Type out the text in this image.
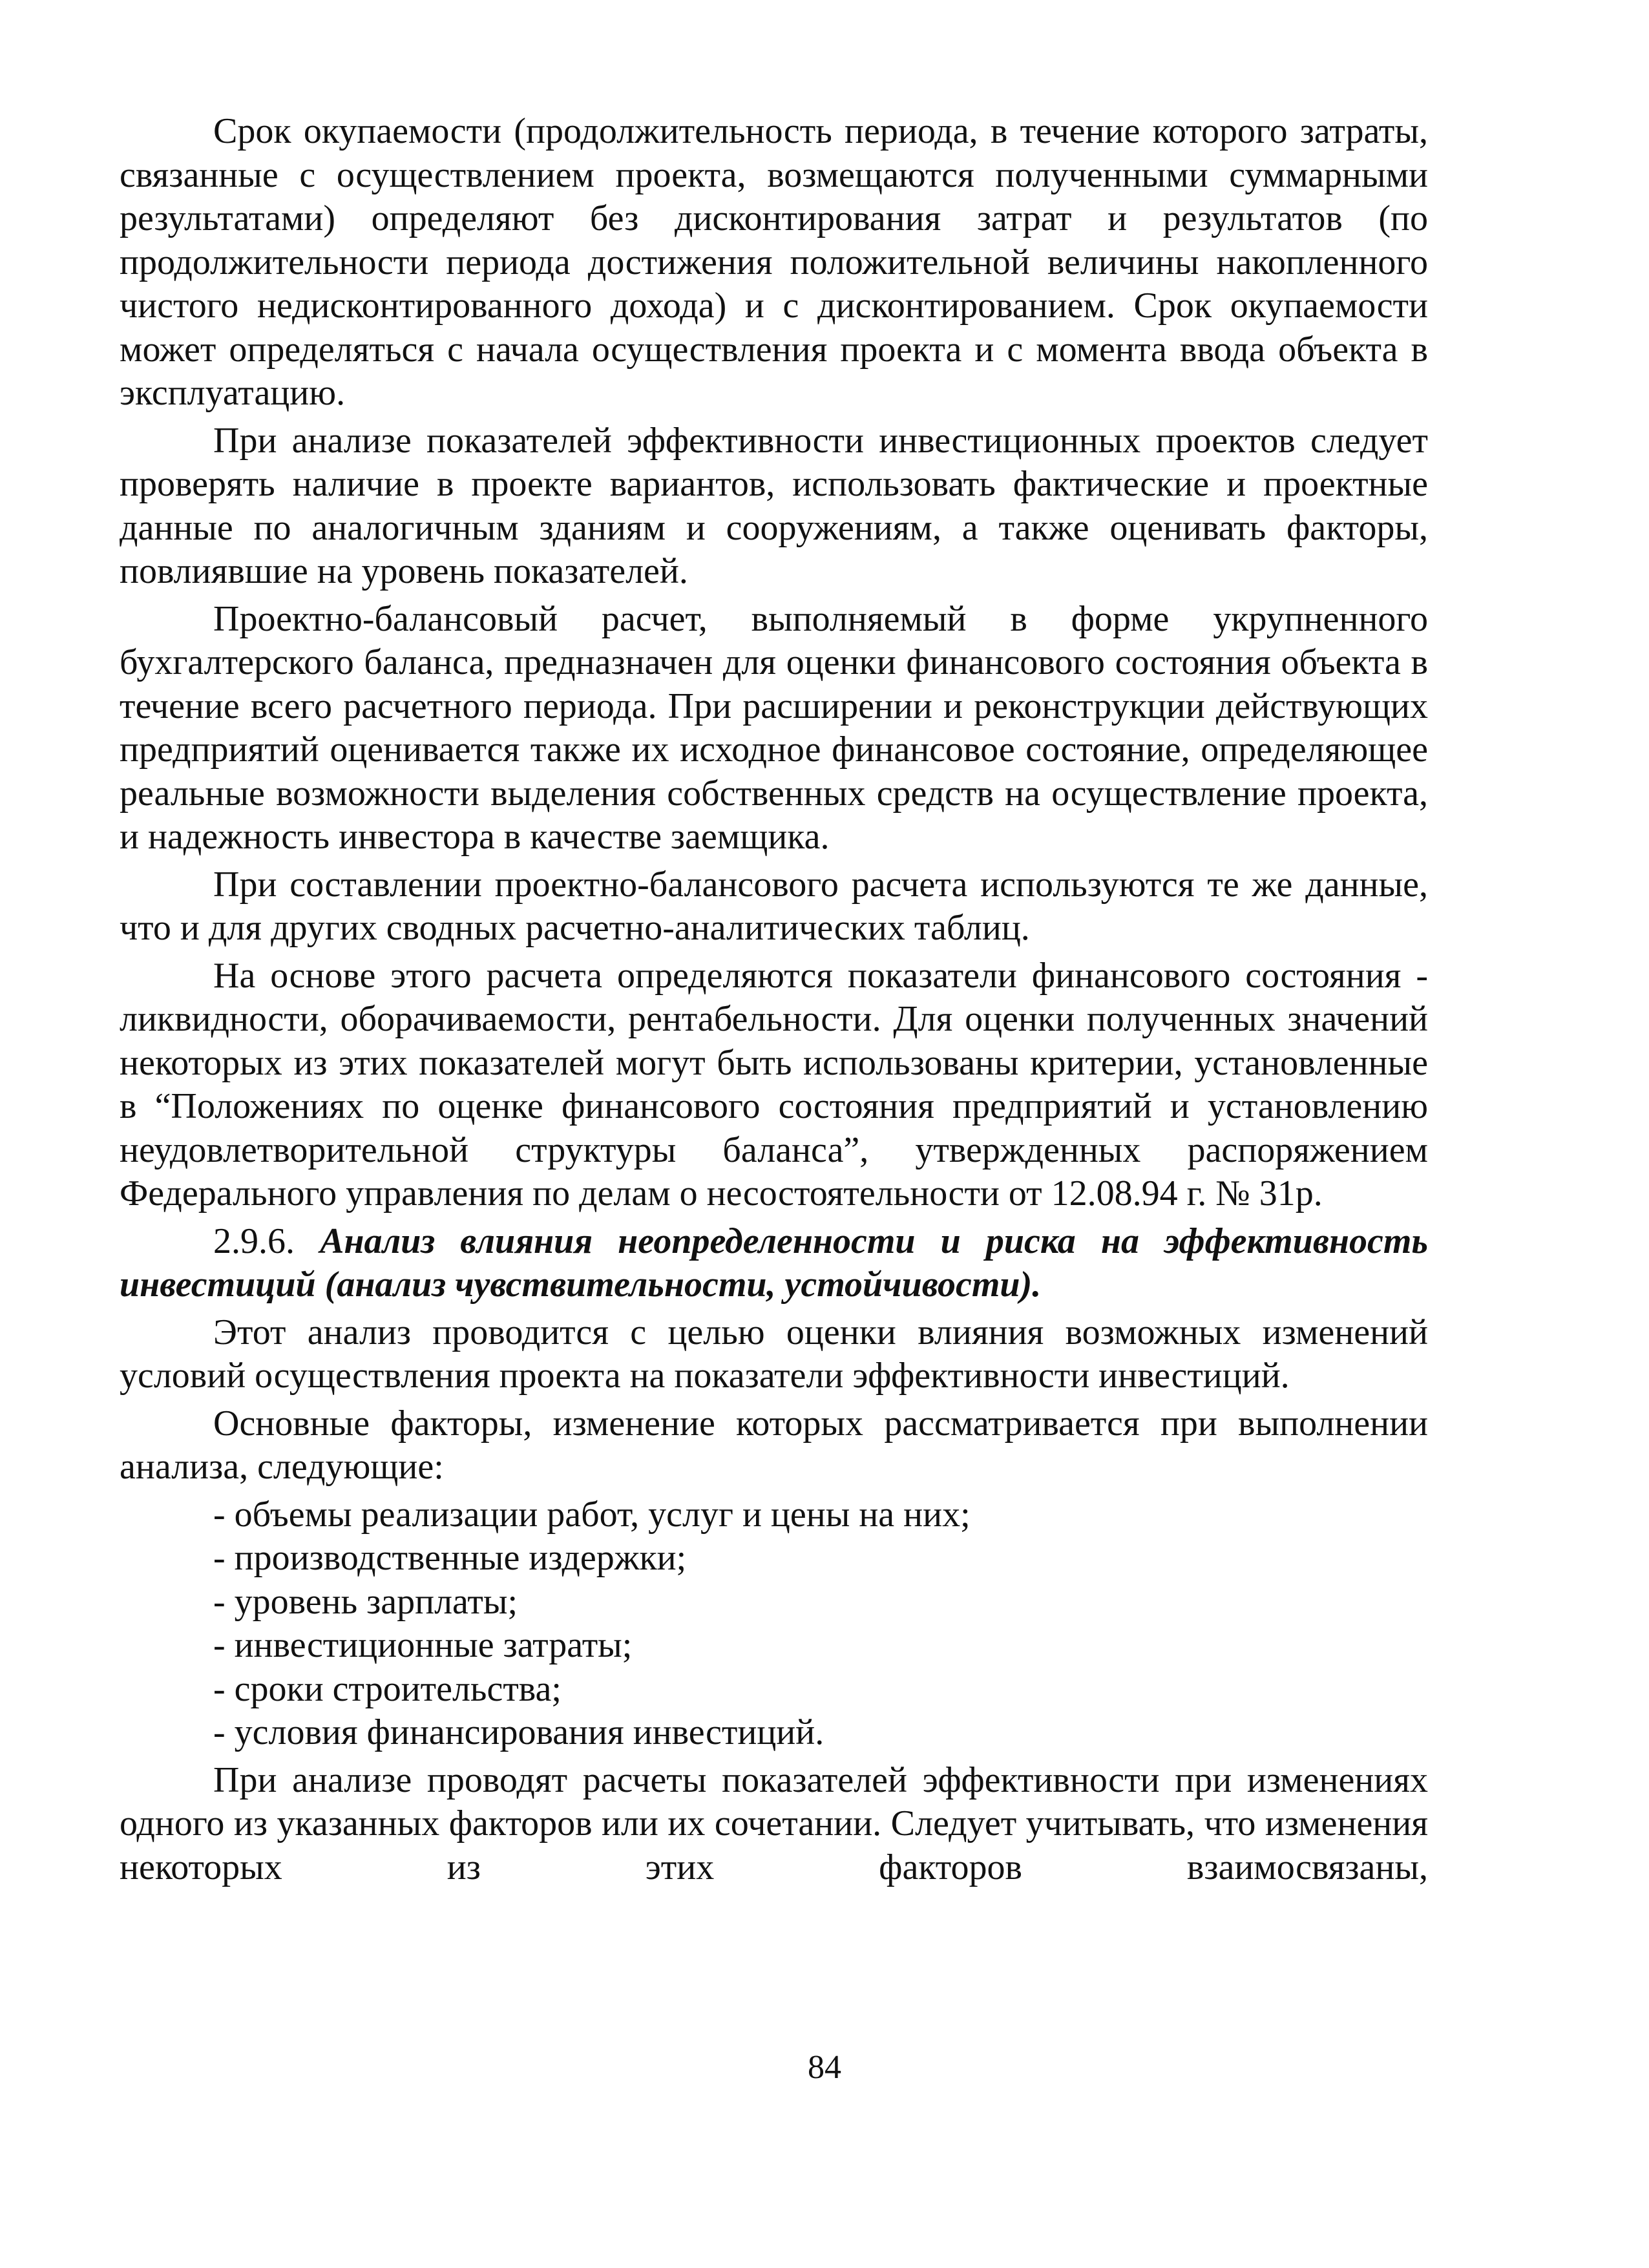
Срок окупаемости (продолжительность периода, в течение которого затраты, связанные с осуществлением проекта, возмещаются полученными суммарными результатами) определяют без дисконтирования затрат и результатов (по продолжительности периода достижения положительной величины накопленного чистого недисконтированного дохода) и с дисконтированием. Срок окупаемости может определяться с начала осуществления проекта и с момента ввода объекта в эксплуатацию.

При анализе показателей эффективности инвестиционных проектов следует проверять наличие в проекте вариантов, использовать фактические и проектные данные по аналогичным зданиям и сооружениям, а также оценивать факторы, повлиявшие на уровень показателей.

Проектно-балансовый расчет, выполняемый в форме укрупненного бухгалтерского баланса, предназначен для оценки финансового состояния объекта в течение всего расчетного периода. При расширении и реконструкции действующих предприятий оценивается также их исходное финансовое состояние, определяющее реальные возможности выделения собственных средств на осуществление проекта, и надежность инвестора в качестве заемщика.

При составлении проектно-балансового расчета используются те же данные, что и для других сводных расчетно-аналитических таблиц.

На основе этого расчета определяются показатели финансового состояния - ликвидности, оборачиваемости, рентабельности. Для оценки полученных значений некоторых из этих показателей могут быть использованы критерии, установленные в “Положениях по оценке финансового состояния предприятий и установлению неудовлетворительной структуры баланса”, утвержденных распоряжением Федерального управления по делам о несостоятельности от 12.08.94 г. № 31р.

2.9.6. Анализ влияния неопределенности и риска на эффективность инвестиций (анализ чувствительности, устойчивости).

Этот анализ проводится с целью оценки влияния возможных изменений условий осуществления проекта на показатели эффективности инвестиций.

Основные факторы, изменение которых рассматривается при выполнении анализа, следующие:

- объемы реализации работ, услуг и цены на них;
- производственные издержки;
- уровень зарплаты;
- инвестиционные затраты;
- сроки строительства;
- условия финансирования инвестиций.

При анализе проводят расчеты показателей эффективности при изменениях одного из указанных факторов или их сочетании. Следует учитывать, что изменения некоторых из этих факторов взаимосвязаны,

84
